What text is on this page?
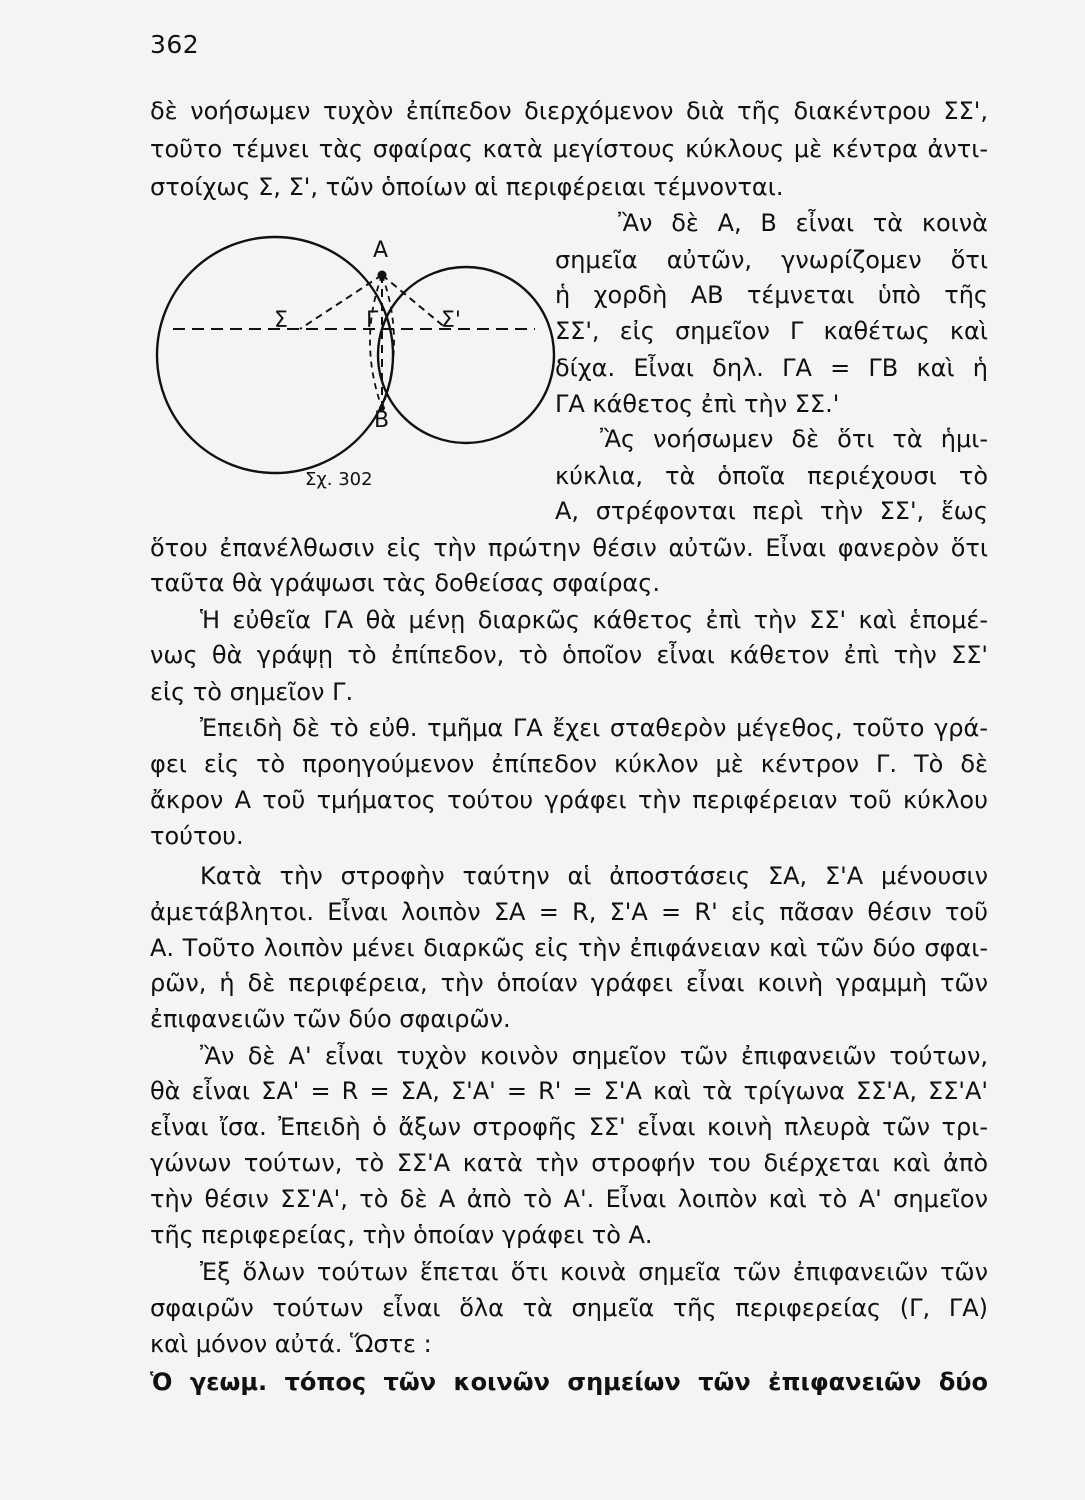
362
A
B
Γ
Σ	Σ'
Σχ. 302
δὲ νοήσωμεν τυχὸν ἐπίπεδον διερχόμενον διὰ τῆς διακέντρου ΣΣ',
τοῦτο τέμνει τὰς σφαίρας κατὰ μεγίστους κύκλους μὲ κέντρα ἀντι-
στοίχως Σ, Σ', τῶν ὁποίων αἱ περιφέρειαι τέμνονται.
Ἂν δὲ Α, Β εἶναι τὰ κοινὰ
σημεῖα αὐτῶν, γνωρίζομεν ὅτι
ἡ χορδὴ ΑΒ τέμνεται ὑπὸ τῆς
ΣΣ', εἰς σημεῖον Γ καθέτως καὶ
δίχα. Εἶναι δηλ. ΓΑ = ΓΒ καὶ ἡ
ΓΑ κάθετος ἐπὶ τὴν ΣΣ.'
Ἂς νοήσωμεν δὲ ὅτι τὰ ἡμι-
κύκλια, τὰ ὁποῖα περιέχουσι τὸ
Α, στρέφονται περὶ τὴν ΣΣ', ἕως
ὅτου ἐπανέλθωσιν εἰς τὴν πρώτην θέσιν αὐτῶν. Εἶναι φανερὸν ὅτι
ταῦτα θὰ γράψωσι τὰς δοθείσας σφαίρας.
Ἡ εὐθεῖα ΓΑ θὰ μένῃ διαρκῶς κάθετος ἐπὶ τὴν ΣΣ' καὶ ἑπομέ-
νως θὰ γράψῃ τὸ ἐπίπεδον, τὸ ὁποῖον εἶναι κάθετον ἐπὶ τὴν ΣΣ'
εἰς τὸ σημεῖον Γ.
Ἐπειδὴ δὲ τὸ εὐθ. τμῆμα ΓΑ ἔχει σταθερὸν μέγεθος, τοῦτο γρά-
φει εἰς τὸ προηγούμενον ἐπίπεδον κύκλον μὲ κέντρον Γ. Τὸ δὲ
ἄκρον Α τοῦ τμήματος τούτου γράφει τὴν περιφέρειαν τοῦ κύκλου
τούτου.
Κατὰ τὴν στροφὴν ταύτην αἱ ἀποστάσεις ΣΑ, Σ'Α μένουσιν
ἀμετάβλητοι. Εἶναι λοιπὸν ΣΑ = R, Σ'Α = R' εἰς πᾶσαν θέσιν τοῦ
Α. Τοῦτο λοιπὸν μένει διαρκῶς εἰς τὴν ἐπιφάνειαν καὶ τῶν δύο σφαι-
ρῶν, ἡ δὲ περιφέρεια, τὴν ὁποίαν γράφει εἶναι κοινὴ γραμμὴ τῶν
ἐπιφανειῶν τῶν δύο σφαιρῶν.
Ἂν δὲ Α' εἶναι τυχὸν κοινὸν σημεῖον τῶν ἐπιφανειῶν τούτων,
θὰ εἶναι ΣΑ' = R = ΣΑ, Σ'Α' = R' = Σ'Α καὶ τὰ τρίγωνα ΣΣ'Α, ΣΣ'Α'
εἶναι ἴσα. Ἐπειδὴ ὁ ἄξων στροφῆς ΣΣ' εἶναι κοινὴ πλευρὰ τῶν τρι-
γώνων τούτων, τὸ ΣΣ'Α κατὰ τὴν στροφήν του διέρχεται καὶ ἀπὸ
τὴν θέσιν ΣΣ'Α', τὸ δὲ Α ἀπὸ τὸ Α'. Εἶναι λοιπὸν καὶ τὸ Α' σημεῖον
τῆς περιφερείας, τὴν ὁποίαν γράφει τὸ Α.
Ἐξ ὅλων τούτων ἕπεται ὅτι κοινὰ σημεῖα τῶν ἐπιφανειῶν τῶν
σφαιρῶν τούτων εἶναι ὅλα τὰ σημεῖα τῆς περιφερείας (Γ, ΓΑ)
καὶ μόνον αὐτά. Ὥστε :
Ὁ γεωμ. τόπος τῶν κοινῶν σημείων τῶν ἐπιφανειῶν δύο
